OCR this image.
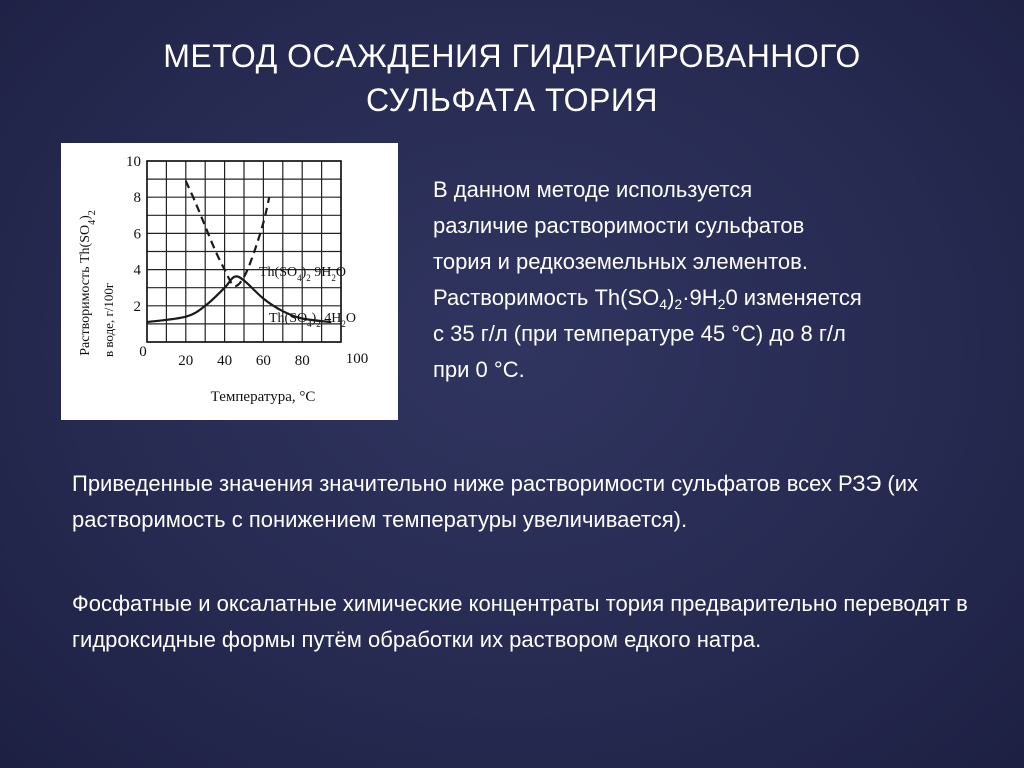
МЕТОД ОСАЖДЕНИЯ ГИДРАТИРОВАННОГО
СУЛЬФАТА ТОРИЯ
2
4
6
8
10
0
20 40 60 80 100
Растворимость $Th(SO_4)_2$
в воде, г/100г
Температура, °С
$Th(SO_4)_2$ $9H_2O$
$Th(SO_4)_2$ $4H_2O$
В данном методе используется
различие растворимости сульфатов
тория и редкоземельных элементов.
Растворимость $Th(SO_4)_2\cdot 9H_20$ изменяется
с 35 г/л (при температуре 45 °С) до 8 г/л
при 0 °С.
Приведенные значения значительно ниже растворимости сульфатов всех РЗЭ (их растворимость с понижением температуры увеличивается).
Фосфатные и оксалатные химические концентраты тория предварительно переводят в гидроксидные формы путём обработки их раствором едкого натра.
